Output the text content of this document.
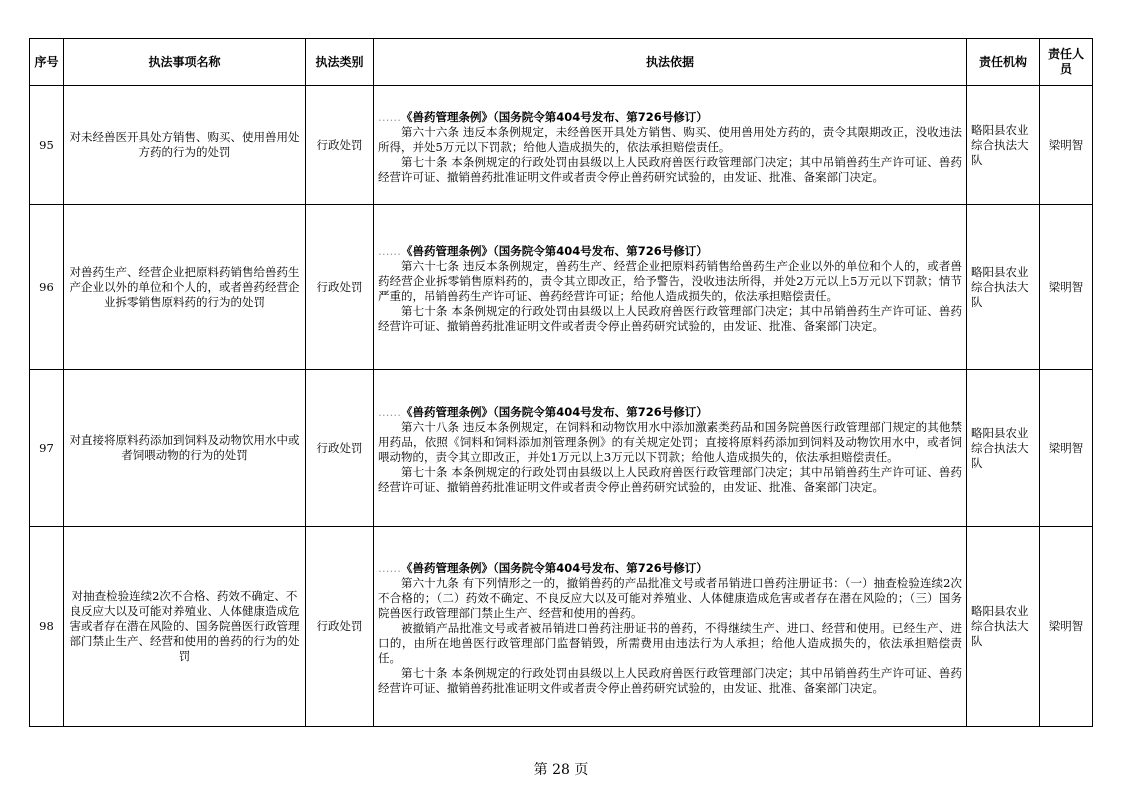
序号	执法事项名称	执法类别	执法依据	责任机构	责任人员
95	对未经兽医开具处方销售、购买、使用兽用处方药的行为的处罚	行政处罚	……《兽药管理条例》（国务院令第404号发布、第726号修订）

第六十六条 违反本条例规定，未经兽医开具处方销售、购买、使用兽用处方药的，责令其限期改正，没收违法所得，并处5万元以下罚款；给他人造成损失的，依法承担赔偿责任。

第七十条 本条例规定的行政处罚由县级以上人民政府兽医行政管理部门决定；其中吊销兽药生产许可证、兽药经营许可证、撤销兽药批准证明文件或者责令停止兽药研究试验的，由发证、批准、备案部门决定。	略阳县农业综合执法大队	梁明智
96	对兽药生产、经营企业把原料药销售给兽药生产企业以外的单位和个人的，或者兽药经营企业拆零销售原料药的行为的处罚	行政处罚	……《兽药管理条例》（国务院令第404号发布、第726号修订）

第六十七条 违反本条例规定，兽药生产、经营企业把原料药销售给兽药生产企业以外的单位和个人的，或者兽药经营企业拆零销售原料药的，责令其立即改正，给予警告，没收违法所得，并处2万元以上5万元以下罚款；情节严重的，吊销兽药生产许可证、兽药经营许可证；给他人造成损失的，依法承担赔偿责任。

第七十条 本条例规定的行政处罚由县级以上人民政府兽医行政管理部门决定；其中吊销兽药生产许可证、兽药经营许可证、撤销兽药批准证明文件或者责令停止兽药研究试验的，由发证、批准、备案部门决定。	略阳县农业综合执法大队	梁明智
97	对直接将原料药添加到饲料及动物饮用水中或者饲喂动物的行为的处罚	行政处罚	……《兽药管理条例》（国务院令第404号发布、第726号修订）

第六十八条 违反本条例规定，在饲料和动物饮用水中添加激素类药品和国务院兽医行政管理部门规定的其他禁用药品，依照《饲料和饲料添加剂管理条例》的有关规定处罚；直接将原料药添加到饲料及动物饮用水中，或者饲喂动物的，责令其立即改正，并处1万元以上3万元以下罚款；给他人造成损失的，依法承担赔偿责任。

第七十条 本条例规定的行政处罚由县级以上人民政府兽医行政管理部门决定；其中吊销兽药生产许可证、兽药经营许可证、撤销兽药批准证明文件或者责令停止兽药研究试验的，由发证、批准、备案部门决定。	略阳县农业综合执法大队	梁明智
98	对抽查检验连续2次不合格、药效不确定、不良反应大以及可能对养殖业、人体健康造成危害或者存在潜在风险的、国务院兽医行政管理部门禁止生产、经营和使用的兽药的行为的处罚	行政处罚	……《兽药管理条例》（国务院令第404号发布、第726号修订）

第六十九条 有下列情形之一的，撤销兽药的产品批准文号或者吊销进口兽药注册证书：（一）抽查检验连续2次不合格的；（二）药效不确定、不良反应大以及可能对养殖业、人体健康造成危害或者存在潜在风险的；（三）国务院兽医行政管理部门禁止生产、经营和使用的兽药。

被撤销产品批准文号或者被吊销进口兽药注册证书的兽药，不得继续生产、进口、经营和使用。已经生产、进口的，由所在地兽医行政管理部门监督销毁，所需费用由违法行为人承担；给他人造成损失的，依法承担赔偿责任。

第七十条 本条例规定的行政处罚由县级以上人民政府兽医行政管理部门决定；其中吊销兽药生产许可证、兽药经营许可证、撤销兽药批准证明文件或者责令停止兽药研究试验的，由发证、批准、备案部门决定。	略阳县农业综合执法大队	梁明智
第 28 页
